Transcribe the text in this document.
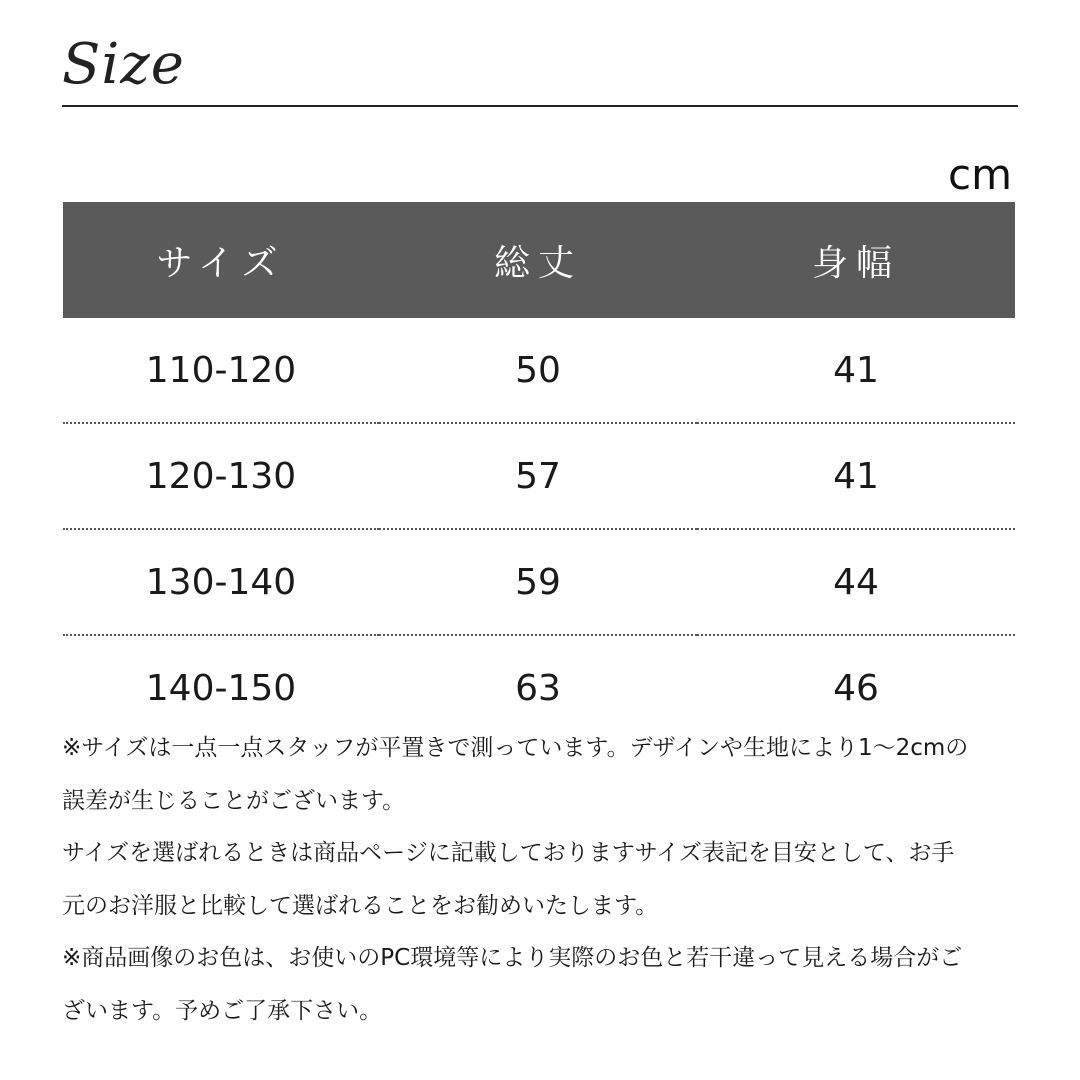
Size
cm
サイズ	総丈	身幅
110-120	50	41
120-130	57	41
130-140	59	44
140-150	63	46

※サイズは一点一点スタッフが平置きで測っています。デザインや生地により1～2cmの
誤差が生じることがございます。

サイズを選ばれるときは商品ページに記載しておりますサイズ表記を目安として、お手
元のお洋服と比較して選ばれることをお勧めいたします。

※商品画像のお色は、お使いのPC環境等により実際のお色と若干違って見える場合がご
ざいます。予めご了承下さい。
